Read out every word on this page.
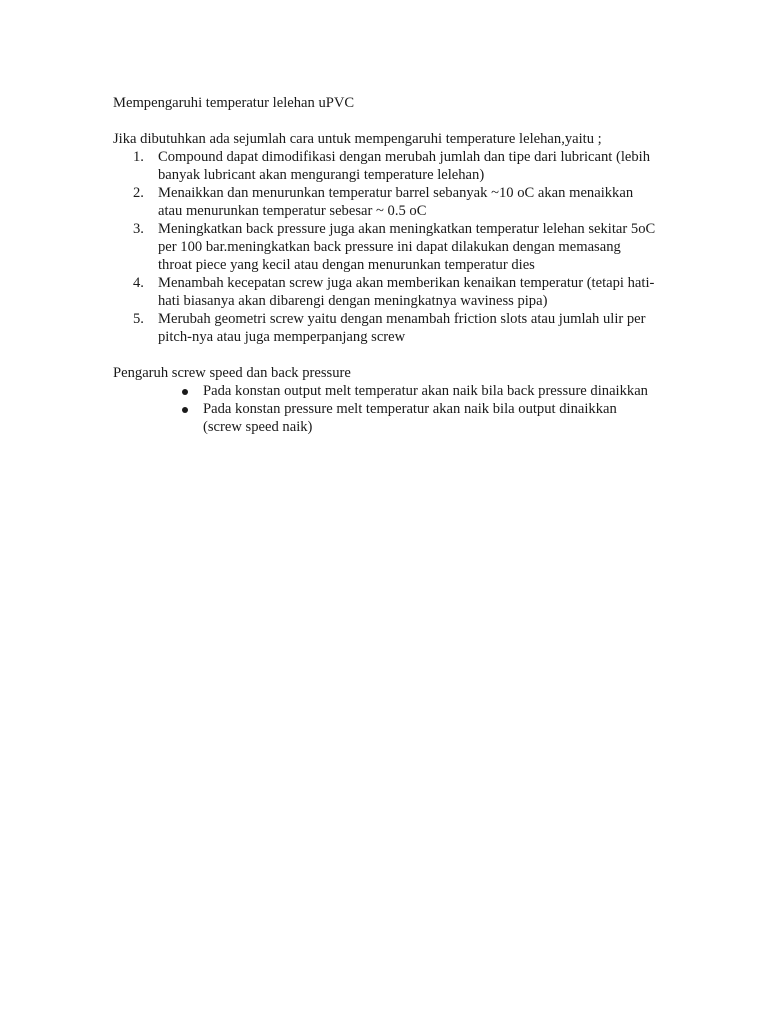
Mempengaruhi temperatur lelehan uPVC

Jika dibutuhkan ada sejumlah cara untuk mempengaruhi temperature lelehan,yaitu ;

1. Compound dapat dimodifikasi dengan merubah jumlah dan tipe dari lubricant (lebih banyak lubricant akan mengurangi temperature lelehan)
2. Menaikkan dan menurunkan temperatur barrel sebanyak ~10 oC akan menaikkan atau menurunkan temperatur sebesar ~ 0.5 oC
3. Meningkatkan back pressure juga akan meningkatkan temperatur lelehan sekitar 5oC per 100 bar.meningkatkan back pressure ini dapat dilakukan dengan memasang throat piece yang kecil atau dengan menurunkan temperatur dies
4. Menambah kecepatan screw juga akan memberikan kenaikan temperatur (tetapi hati-hati biasanya akan dibarengi dengan meningkatnya waviness pipa)
5. Merubah geometri screw yaitu dengan menambah friction slots atau jumlah ulir per pitch-nya atau juga memperpanjang screw

Pengaruh screw speed dan back pressure

Pada konstan output melt temperatur akan naik bila back pressure dinaikkan
Pada konstan pressure melt temperatur akan naik bila output dinaikkan (screw speed naik)
